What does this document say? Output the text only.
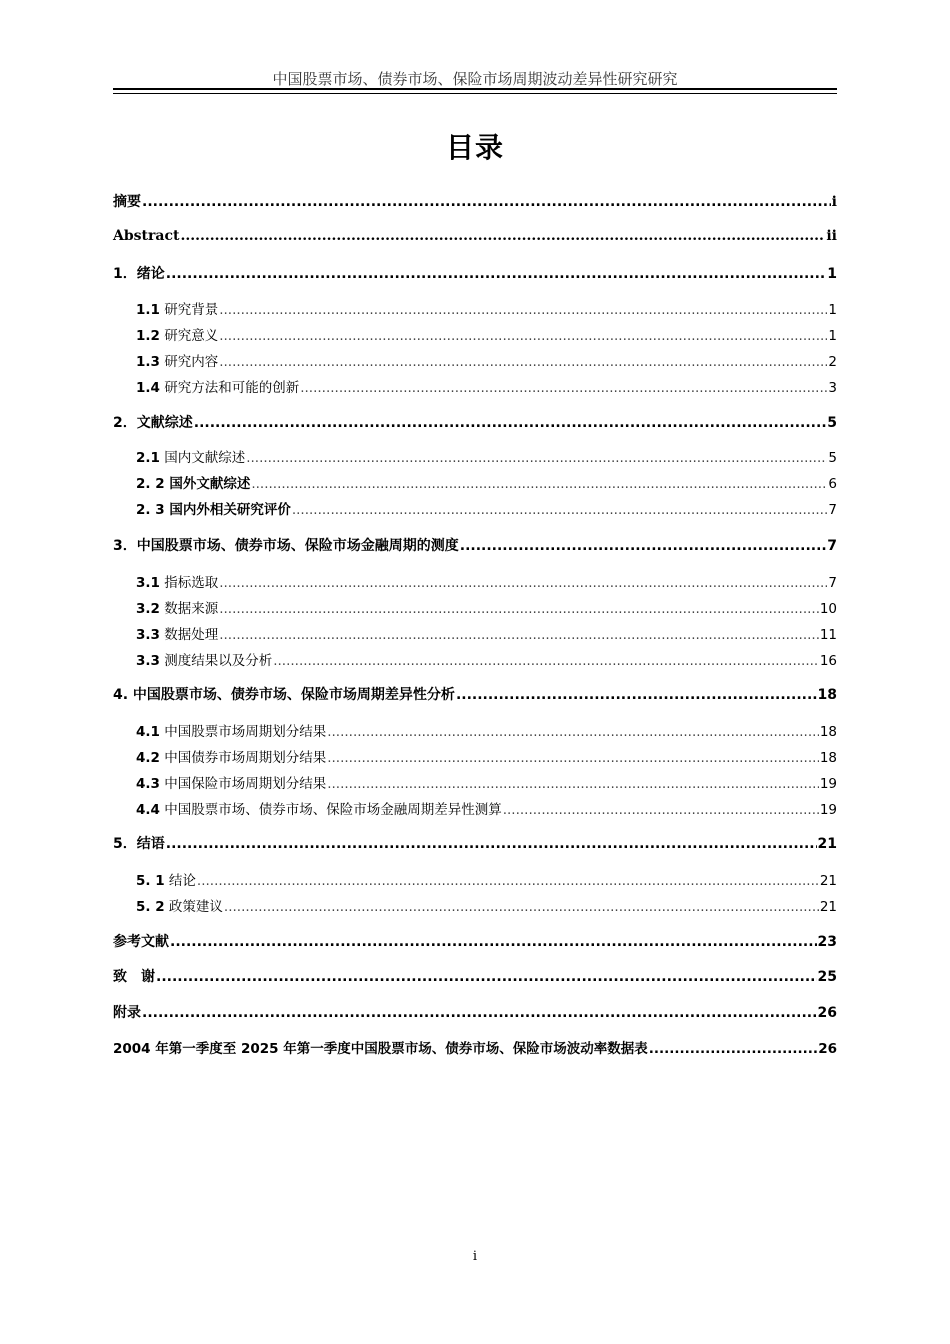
中国股票市场、债券市场、保险市场周期波动差异性研究研究
目录
摘要 .....	i
Abstract .....	ii
1．绪论 .....	1
1.1 研究背景 .....	1
1.2 研究意义 .....	1
1.3 研究内容 .....	2
1.4 研究方法和可能的创新 .....	3
2．文献综述 .....	5
2.1 国内文献综述 .....	5
2. 2 国外文献综述 .....	6
2. 3 国内外相关研究评价 .....	7
3．中国股票市场、债券市场、保险市场金融周期的测度 .....	7
3.1 指标选取 .....	7
3.2 数据来源 .....	10
3.3 数据处理 .....	11
3.3 测度结果以及分析 .....	16
4. 中国股票市场、债券市场、保险市场周期差异性分析 .....	18
4.1 中国股票市场周期划分结果 .....	18
4.2 中国债券市场周期划分结果 .....	18
4.3 中国保险市场周期划分结果 .....	19
4.4 中国股票市场、债券市场、保险市场金融周期差异性测算 .....	19
5．结语 .....	21
5. 1 结论 .....	21
5. 2 政策建议 .....	21
参考文献 .....	23
致　谢 .....	25
附录 .....	26
2004 年第一季度至 2025 年第一季度中国股票市场、债券市场、保险市场波动率数据表 .....	26
i
